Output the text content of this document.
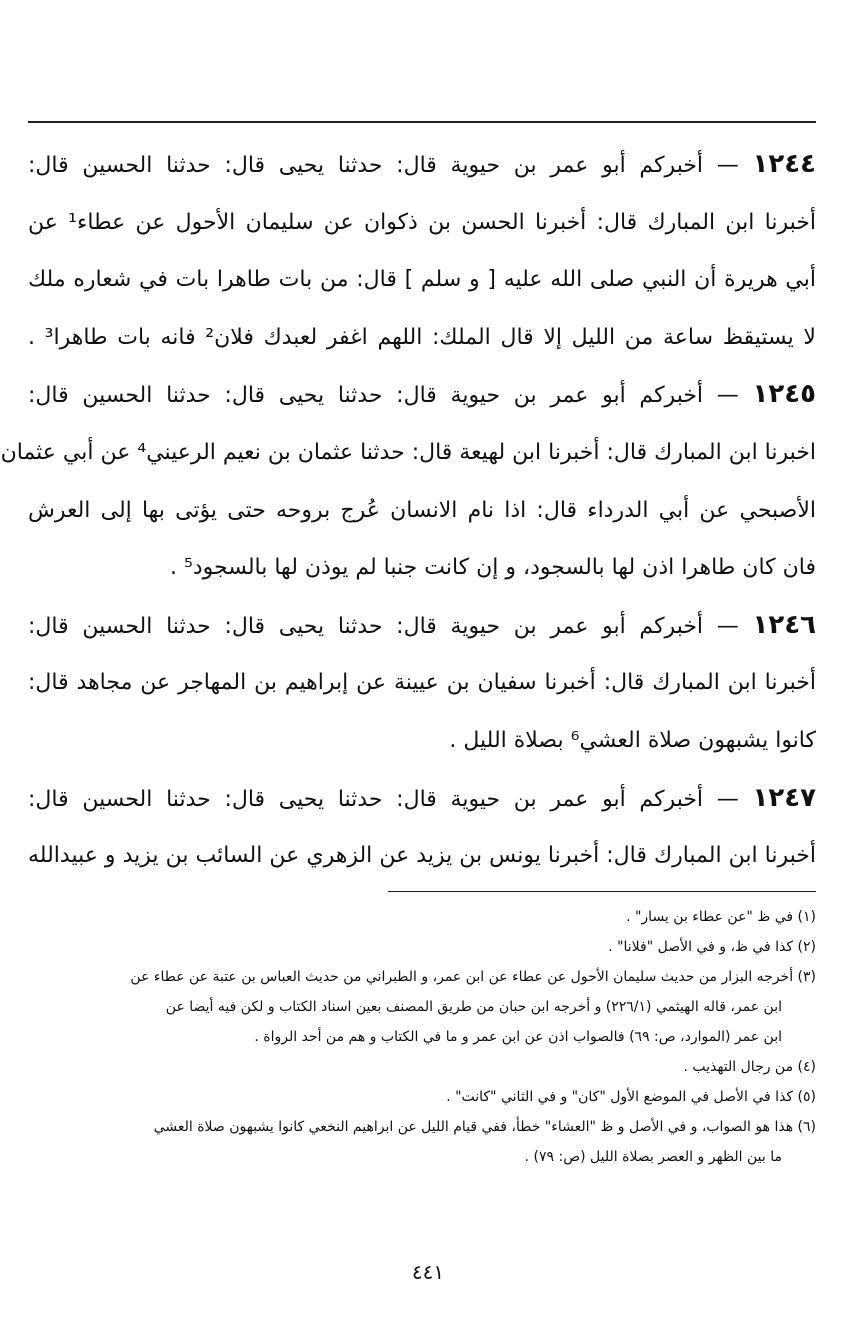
١٢٤٤ — أخبركم أبو عمر بن حيوية قال: حدثنا يحيى قال: حدثنا الحسين قال:
أخبرنا ابن المبارك قال: أخبرنا الحسن بن ذكوان عن سليمان الأحول عن عطاء¹ عن
أبي هريرة أن النبي صلى الله عليه [ و سلم ] قال: من بات طاهرا بات في شعاره ملك
لا يستيقظ ساعة من الليل إلا قال الملك: اللهم اغفر لعبدك فلان² فانه بات طاهرا³ .
١٢٤٥ — أخبركم أبو عمر بن حيوية قال: حدثنا يحيى قال: حدثنا الحسين قال:
اخبرنا ابن المبارك قال: أخبرنا ابن لهيعة قال: حدثنا عثمان بن نعيم الرعيني⁴ عن أبي عثمان
الأصبحي عن أبي الدرداء قال: اذا نام الانسان عُرج بروحه حتى يؤتى بها إلى العرش
فان كان طاهرا اذن لها بالسجود، و إن كانت جنبا لم يوذن لها بالسجود⁵ .
١٢٤٦ — أخبركم أبو عمر بن حيوية قال: حدثنا يحيى قال: حدثنا الحسين قال:
أخبرنا ابن المبارك قال: أخبرنا سفيان بن عيينة عن إبراهيم بن المهاجر عن مجاهد قال:
كانوا يشبهون صلاة العشي⁶ بصلاة الليل .
١٢٤٧ — أخبركم أبو عمر بن حيوية قال: حدثنا يحيى قال: حدثنا الحسين قال:
أخبرنا ابن المبارك قال: أخبرنا يونس بن يزيد عن الزهري عن السائب بن يزيد و عبيدالله
(١) في ظ "عن عطاء بن يسار" .
(٢) كذا في ظ، و في الأصل "فلانا" .
(٣) أخرجه البزار من حديث سليمان الأحول عن عطاء عن ابن عمر، و الطبراني من حديث العباس بن عتبة عن عطاء عن
ابن عمر، قاله الهيثمي (٢٢٦/١) و أخرجه ابن حبان من طريق المصنف بعين اسناد الكتاب و لكن فيه أيضا عن
ابن عمر (الموارد، ص: ٦٩) فالصواب اذن عن ابن عمر و ما في الكتاب و هم من أحد الرواة .
(٤) من رجال التهذيب .
(٥) كذا في الأصل في الموضع الأول "كان" و في الثاني "كانت" .
(٦) هذا هو الصواب، و في الأصل و ظ "العشاء" خطأ، ففي قيام الليل عن ابراهيم النخعي كانوا يشبهون صلاة العشي
ما بين الظهر و العصر بصلاة الليل (ص: ٧٩) .
٤٤١
